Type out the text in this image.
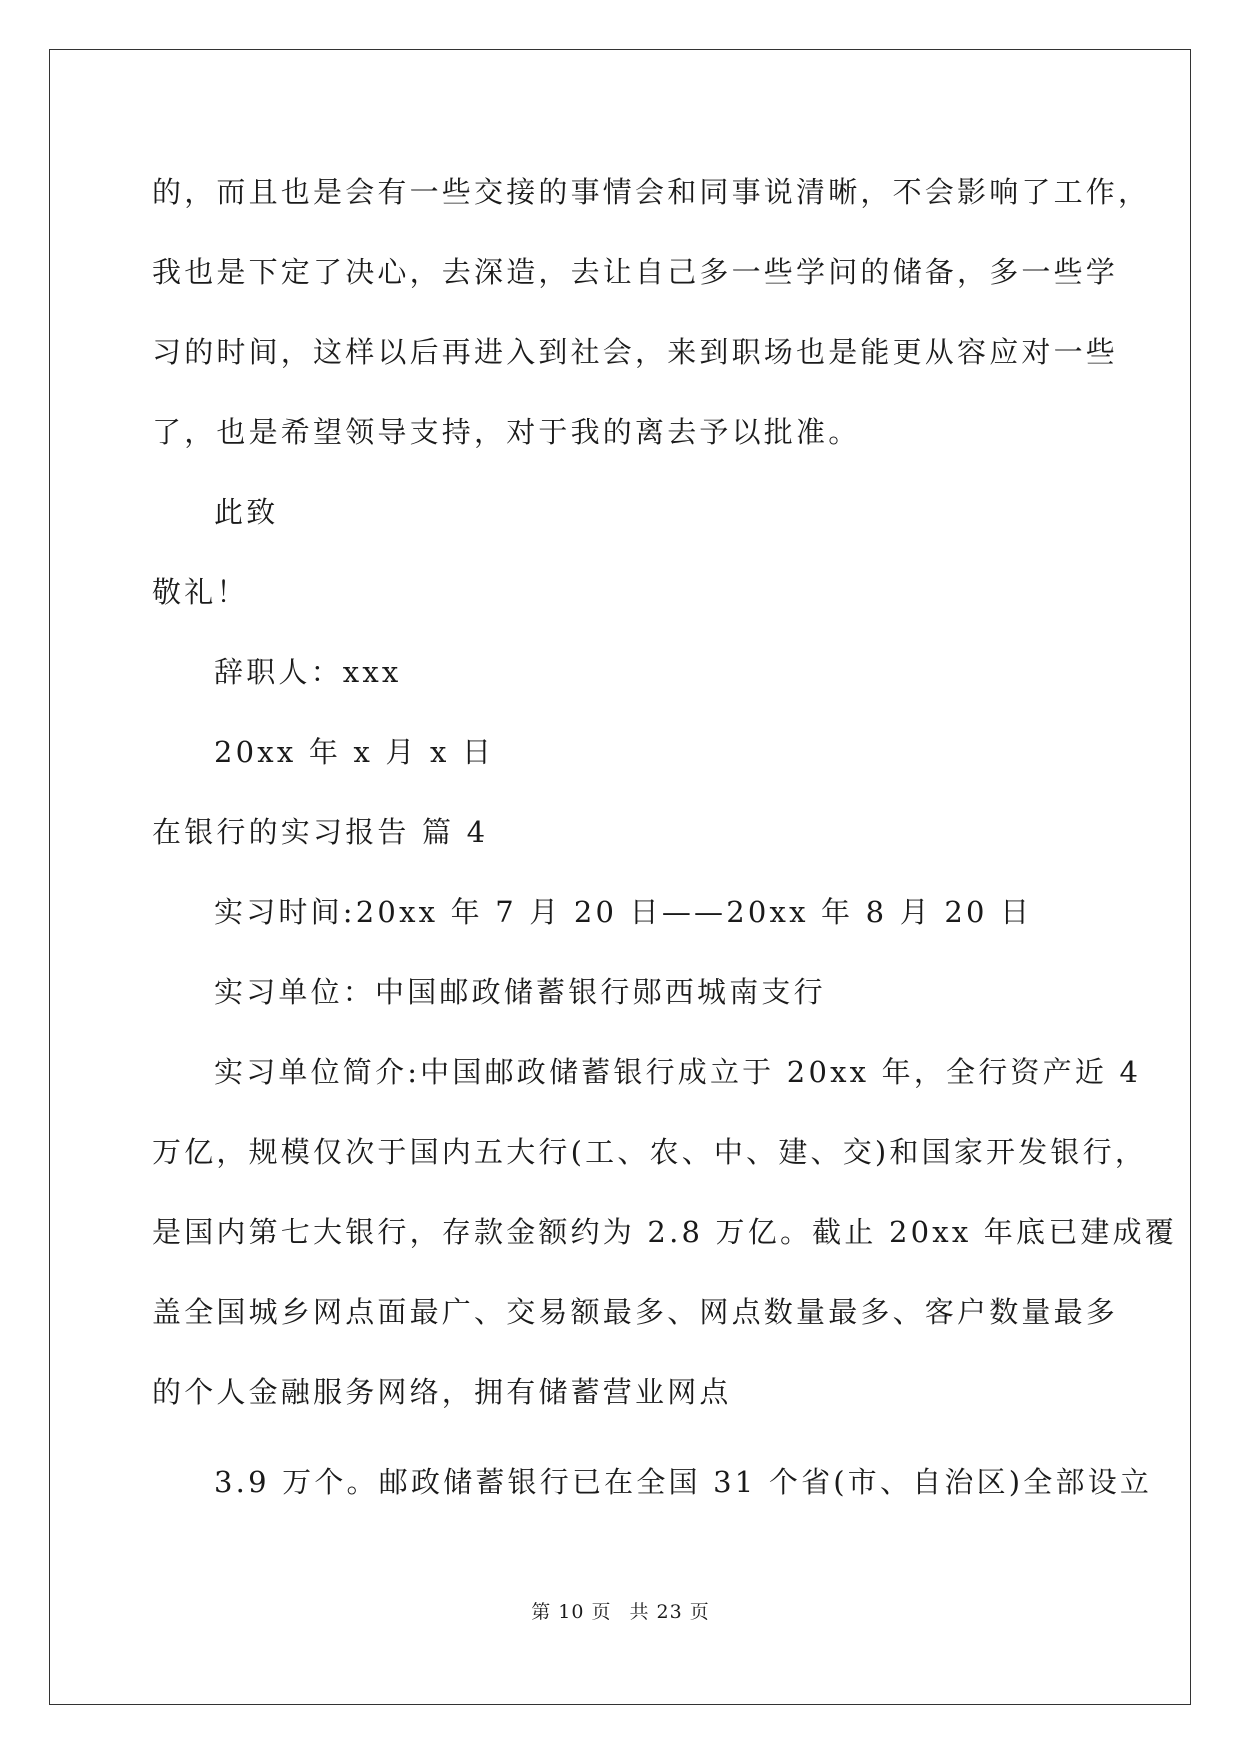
的，而且也是会有一些交接的事情会和同事说清晰，不会影响了工作，
我也是下定了决心，去深造，去让自己多一些学问的储备，多一些学
习的时间，这样以后再进入到社会，来到职场也是能更从容应对一些
了，也是希望领导支持，对于我的离去予以批准。
此致
敬礼！
辞职人：xxx
20xx 年 x 月 x 日
在银行的实习报告 篇 4
实习时间:20xx 年 7 月 20 日——20xx 年 8 月 20 日
实习单位：中国邮政储蓄银行郧西城南支行
实习单位简介:中国邮政储蓄银行成立于 20xx 年，全行资产近 4
万亿，规模仅次于国内五大行(工、农、中、建、交)和国家开发银行，
是国内第七大银行，存款金额约为 2.8 万亿。截止 20xx 年底已建成覆
盖全国城乡网点面最广、交易额最多、网点数量最多、客户数量最多
的个人金融服务网络，拥有储蓄营业网点
3.9 万个。邮政储蓄银行已在全国 31 个省(市、自治区)全部设立
第 10 页 共 23 页
